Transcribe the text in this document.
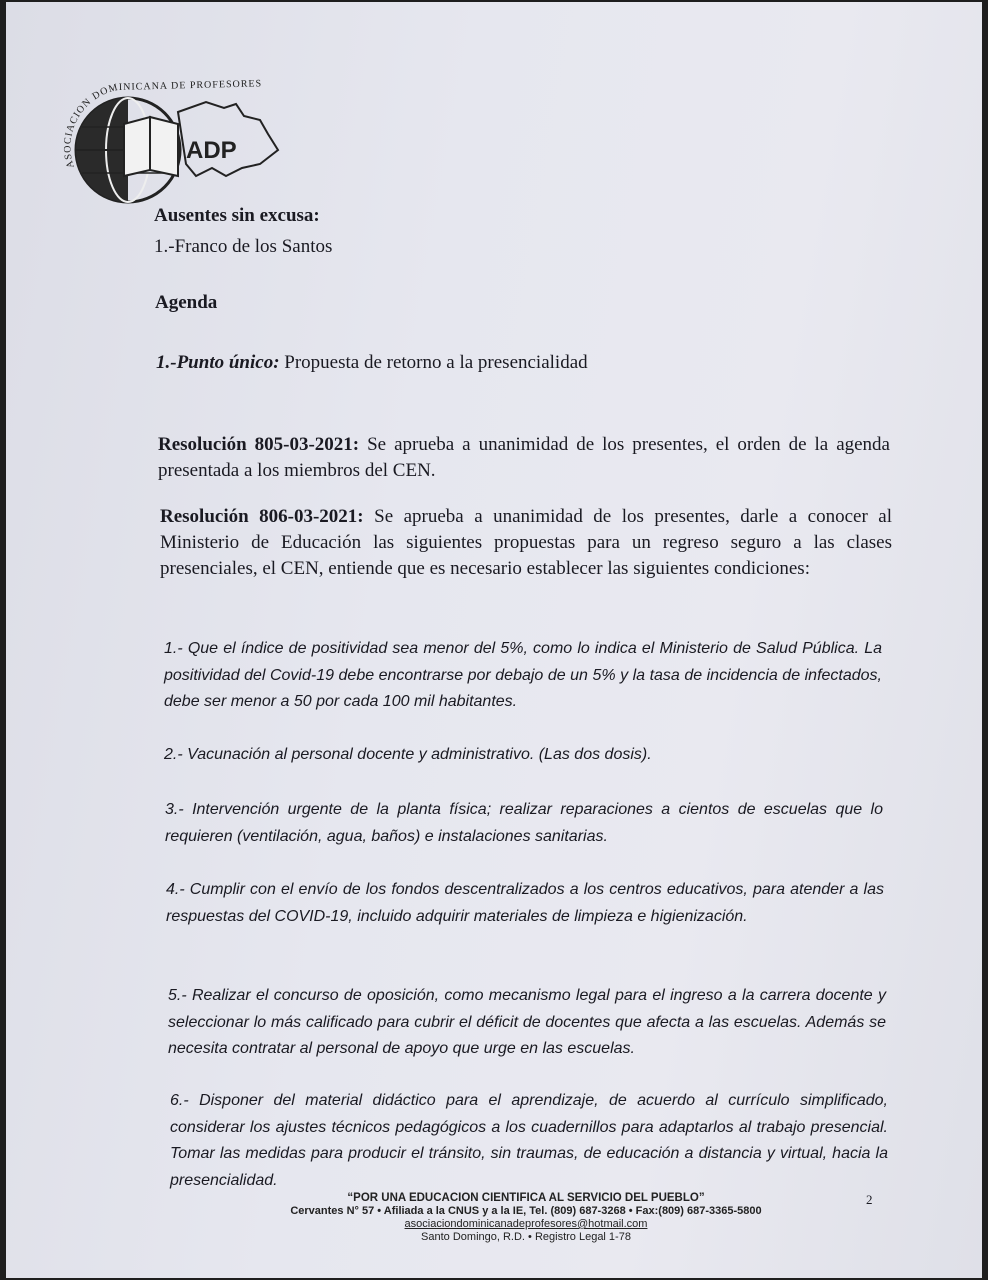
ASOCIACION DOMINICANA DE PROFESORES
ADP

Ausentes sin excusa:

1.-Franco de los Santos

Agenda

1.-Punto único: Propuesta de retorno a la presencialidad

Resolución 805-03-2021: Se aprueba a unanimidad de los presentes, el orden de la agenda presentada a los miembros del CEN.

Resolución 806-03-2021: Se aprueba a unanimidad de los presentes, darle a conocer al Ministerio de Educación las siguientes propuestas para un regreso seguro a las clases presenciales, el CEN, entiende que es necesario establecer las siguientes condiciones:

1.- Que el índice de positividad sea menor del 5%, como lo indica el Ministerio de Salud Pública. La positividad del Covid-19 debe encontrarse por debajo de un 5% y la tasa de incidencia de infectados, debe ser menor a 50 por cada 100 mil habitantes.

2.- Vacunación al personal docente y administrativo. (Las dos dosis).

3.- Intervención urgente de la planta física; realizar reparaciones a cientos de escuelas que lo requieren (ventilación, agua, baños) e instalaciones sanitarias.

4.- Cumplir con el envío de los fondos descentralizados a los centros educativos, para atender a las respuestas del COVID-19, incluido adquirir materiales de limpieza e higienización.

5.- Realizar el concurso de oposición, como mecanismo legal para el ingreso a la carrera docente y seleccionar lo más calificado para cubrir el déficit de docentes que afecta a las escuelas. Además se necesita contratar al personal de apoyo que urge en las escuelas.

6.- Disponer del material didáctico para el aprendizaje, de acuerdo al currículo simplificado, considerar los ajustes técnicos pedagógicos a los cuadernillos para adaptarlos al trabajo presencial. Tomar las medidas para producir el tránsito, sin traumas, de educación a distancia y virtual, hacia la presencialidad.

“POR UNA EDUCACION CIENTIFICA AL SERVICIO DEL PUEBLO”
Cervantes N° 57 • Afiliada a la CNUS y a la IE, Tel. (809) 687-3268 • Fax:(809) 687-3365-5800
asociaciondominicanadeprofesores@hotmail.com
Santo Domingo, R.D. • Registro Legal 1-78
2
